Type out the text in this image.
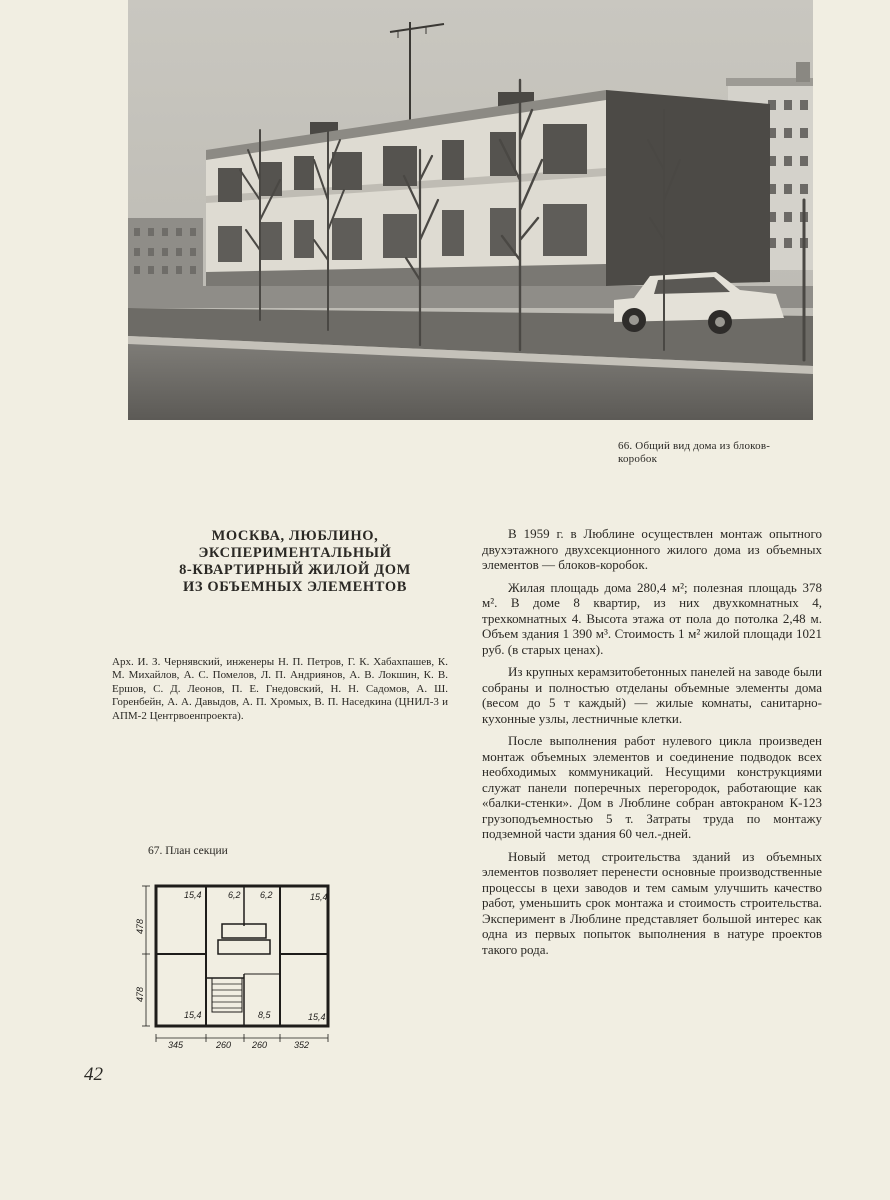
66. Общий вид дома из блоков-
коробок
МОСКВА, ЛЮБЛИНО,
ЭКСПЕРИМЕНТАЛЬНЫЙ
8-КВАРТИРНЫЙ ЖИЛОЙ ДОМ
ИЗ ОБЪЕМНЫХ ЭЛЕМЕНТОВ
Арх. И. З. Чернявский, инженеры Н. П. Петров, Г. К. Хабахпашев, К. М. Михайлов, А. С. Помелов, Л. П. Андриянов, А. В. Локшин, К. В. Ершов, С. Д. Леонов, П. Е. Гнедовский, Н. Н. Садомов, А. Ш. Горенбейн, А. А. Давыдов, А. П. Хромых, В. П. Наседкина (ЦНИЛ-3 и АПМ-2 Центрвоенпроекта).

В 1959 г. в Люблине осуществлен монтаж опытного двухэтажного двухсекционного жилого дома из объемных элементов — блоков-коробок.

Жилая площадь дома 280,4 м²; полезная площадь 378 м². В доме 8 квартир, из них двухкомнатных 4, трехкомнатных 4. Высота этажа от пола до потолка 2,48 м. Объем здания 1 390 м³. Стоимость 1 м² жилой площади 1021 руб. (в старых ценах).

Из крупных керамзитобетонных панелей на заводе были собраны и полностью отделаны объемные элементы дома (весом до 5 т каждый) — жилые комнаты, санитарно-кухонные узлы, лестничные клетки.

После выполнения работ нулевого цикла произведен монтаж объемных элементов и соединение подводок всех необходимых коммуникаций. Несущими конструкциями служат панели поперечных перегородок, работающие как «балки-стенки». Дом в Люблине собран автокраном К-123 грузоподъемностью 5 т. Затраты труда по монтажу подземной части здания 60 чел.-дней.

Новый метод строительства зданий из объемных элементов позволяет перенести основные производственные процессы в цехи заводов и тем самым улучшить качество работ, уменьшить срок монтажа и стоимость строительства. Эксперимент в Люблине представляет большой интерес как одна из первых попыток выполнения в натуре проектов такого рода.

67. План секции
15,4	6,2 6,2	15,4
15,4	8,5	15,4
345	260 260	352
478
478
42
